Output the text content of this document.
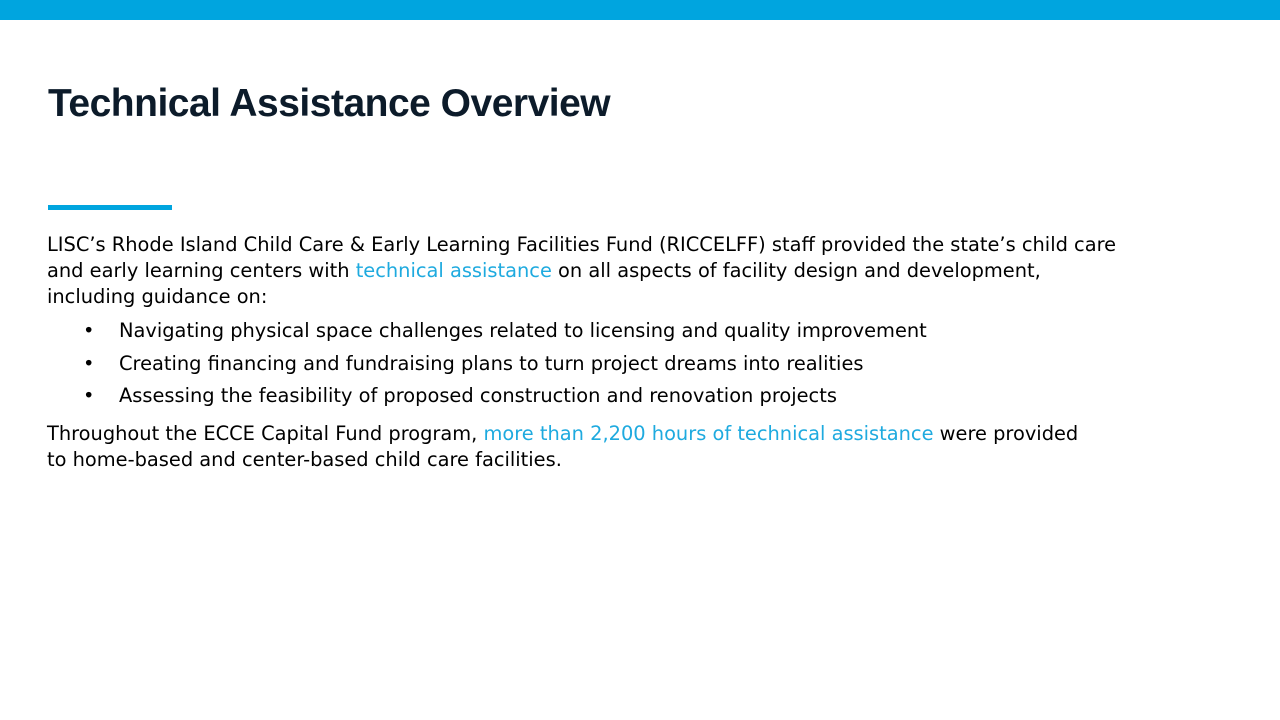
Technical Assistance Overview

LISC’s Rhode Island Child Care & Early Learning Facilities Fund (RICCELFF) staff provided the state’s child care
and early learning centers with technical assistance on all aspects of facility design and development,
including guidance on:

• Navigating physical space challenges related to licensing and quality improvement
• Creating financing and fundraising plans to turn project dreams into realities
• Assessing the feasibility of proposed construction and renovation projects

Throughout the ECCE Capital Fund program, more than 2,200 hours of technical assistance were provided
to home-based and center-based child care facilities.
